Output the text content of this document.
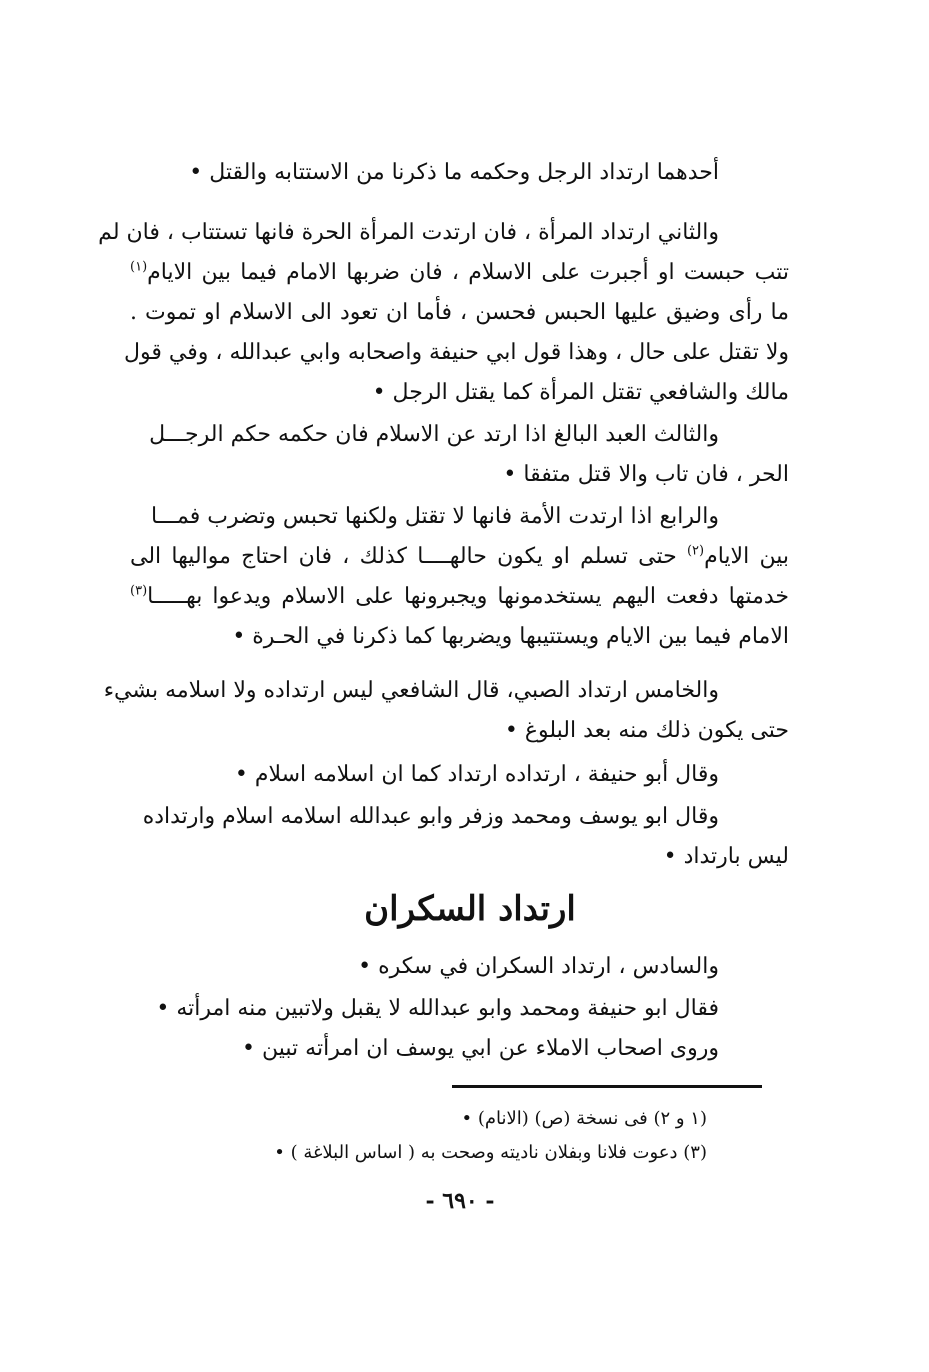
أحدهما ارتداد الرجل وحكمه ما ذكرنا من الاستتابه والقتل •
والثاني ارتداد المرأة ، فان ارتدت المرأة الحرة فانها تستتاب ، فان لم
تتب حبست او أجبرت على الاسلام ، فان ضربها الامام فيما بين الايام$^{(١)}$
ما رأى وضيق عليها الحبس فحسن ، فأما ان تعود الى الاسلام او تموت .
ولا تقتل على حال ، وهذا قول ابي حنيفة واصحابه وابي عبدالله ، وفي قول
مالك والشافعي تقتل المرأة كما يقتل الرجل •
والثالث العبد البالغ اذا ارتد عن الاسلام فان حكمه حكم الرجـــل
الحر ، فان تاب والا قتل متفقا •
والرابع اذا ارتدت الأمة فانها لا تقتل ولكنها تحبس وتضرب فمـــا
بين الايام$^{(٢)}$ حتى تسلم او يكون حالهــــا كذلك ، فان احتاج مواليها الى
خدمتها دفعت اليهم يستخدمونها ويجبرونها على الاسلام ويدعوا بهـــــا$^{(٣)}$
الامام فيما بين الايام ويستتيبها ويضربها كما ذكرنا في الحـرة •
والخامس ارتداد الصبي، قال الشافعي ليس ارتداده ولا اسلامه بشيء
حتى يكون ذلك منه بعد البلوغ •
وقال أبو حنيفة ، ارتداده ارتداد كما ان اسلامه اسلام •
وقال ابو يوسف ومحمد وزفر وابو عبدالله اسلامه اسلام وارتداده
ليس بارتداد •
ارتداد السكران
والسادس ، ارتداد السكران في سكره •
فقال ابو حنيفة ومحمد وابو عبدالله لا يقبل ولاتبين منه امرأته •
وروى اصحاب الاملاء عن ابي يوسف ان امرأته تبين •
(١ و ٢) فى نسخة (ص) (الانام) •
(٣) دعوت فلانا وبفلان ناديته وصحت به ( اساس البلاغة ) •
- ٦٩٠ -
